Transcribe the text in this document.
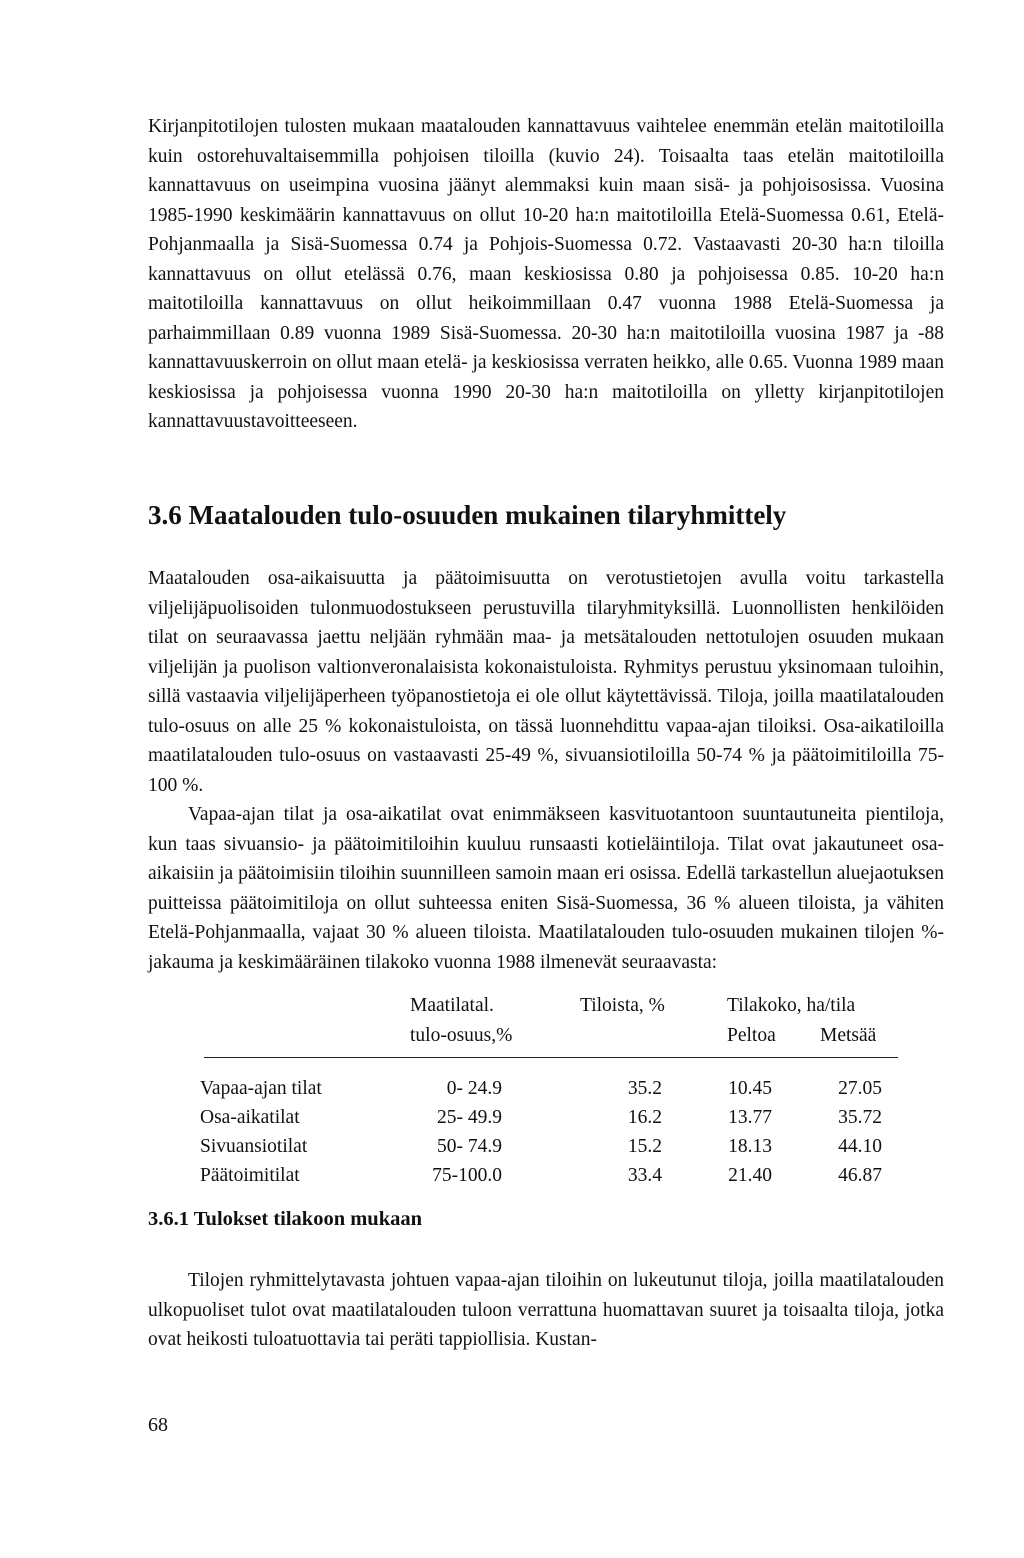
Kirjanpitotilojen tulosten mukaan maatalouden kannattavuus vaihtelee enemmän etelän maitotiloilla kuin ostorehuvaltaisemmilla pohjoisen tiloilla (kuvio 24). Toisaalta taas etelän maitotiloilla kannattavuus on useimpina vuosina jäänyt alemmaksi kuin maan sisä- ja pohjoisosissa. Vuosina 1985-1990 keskimäärin kannattavuus on ollut 10-20 ha:n maitotiloilla Etelä-Suomessa 0.61, Etelä-Pohjanmaalla ja Sisä-Suomessa 0.74 ja Pohjois-Suomessa 0.72. Vastaavasti 20-30 ha:n tiloilla kannattavuus on ollut etelässä 0.76, maan keskiosissa 0.80 ja pohjoisessa 0.85. 10-20 ha:n maitotiloilla kannattavuus on ollut heikoimmillaan 0.47 vuonna 1988 Etelä-Suomessa ja parhaimmillaan 0.89 vuonna 1989 Sisä-Suomessa. 20-30 ha:n maitotiloilla vuosina 1987 ja -88 kannattavuuskerroin on ollut maan etelä- ja keskiosissa verraten heikko, alle 0.65. Vuonna 1989 maan keskiosissa ja pohjoisessa vuonna 1990 20-30 ha:n maitotiloilla on ylletty kirjanpitotilojen kannattavuustavoitteeseen.

3.6 Maatalouden tulo-osuuden mukainen tilaryhmittely

Maatalouden osa-aikaisuutta ja päätoimisuutta on verotustietojen avulla voitu tarkastella viljelijäpuolisoiden tulonmuodostukseen perustuvilla tilaryhmityksillä. Luonnollisten henkilöiden tilat on seuraavassa jaettu neljään ryhmään maa- ja metsätalouden nettotulojen osuuden mukaan viljelijän ja puolison valtionveronalaisista kokonaistuloista. Ryhmitys perustuu yksinomaan tuloihin, sillä vastaavia viljelijäperheen työpanostietoja ei ole ollut käytettävissä. Tiloja, joilla maatilatalouden tulo-osuus on alle 25 % kokonaistuloista, on tässä luonnehdittu vapaa-ajan tiloiksi. Osa-aikatiloilla maatilatalouden tulo-osuus on vastaavasti 25-49 %, sivuansiotiloilla 50-74 % ja päätoimitiloilla 75-100 %.

Vapaa-ajan tilat ja osa-aikatilat ovat enimmäkseen kasvituotantoon suuntautuneita pientiloja, kun taas sivuansio- ja päätoimitiloihin kuuluu runsaasti kotieläintiloja. Tilat ovat jakautuneet osa-aikaisiin ja päätoimisiin tiloihin suunnilleen samoin maan eri osissa. Edellä tarkastellun aluejaotuksen puitteissa päätoimitiloja on ollut suhteessa eniten Sisä-Suomessa, 36 % alueen tiloista, ja vähiten Etelä-Pohjanmaalla, vajaat 30 % alueen tiloista. Maatilatalouden tulo-osuuden mukainen tilojen %-jakauma ja keskimääräinen tilakoko vuonna 1988 ilmenevät seuraavasta:

Maatilatal.
tulo-osuus,%
Tiloista, %	Tilakoko, ha/tila
Peltoa Metsää
Vapaa-ajan tilat	0- 24.9	35.2	10.45	27.05
Osa-aikatilat	25- 49.9	16.2	13.77	35.72
Sivuansiotilat	50- 74.9	15.2	18.13	44.10
Päätoimitilat	75-100.0	33.4	21.40	46.87
3.6.1 Tulokset tilakoon mukaan

Tilojen ryhmittelytavasta johtuen vapaa-ajan tiloihin on lukeutunut tiloja, joilla maatilatalouden ulkopuoliset tulot ovat maatilatalouden tuloon verrattuna huomattavan suuret ja toisaalta tiloja, jotka ovat heikosti tuloatuottavia tai peräti tappiollisia. Kustan-

68
